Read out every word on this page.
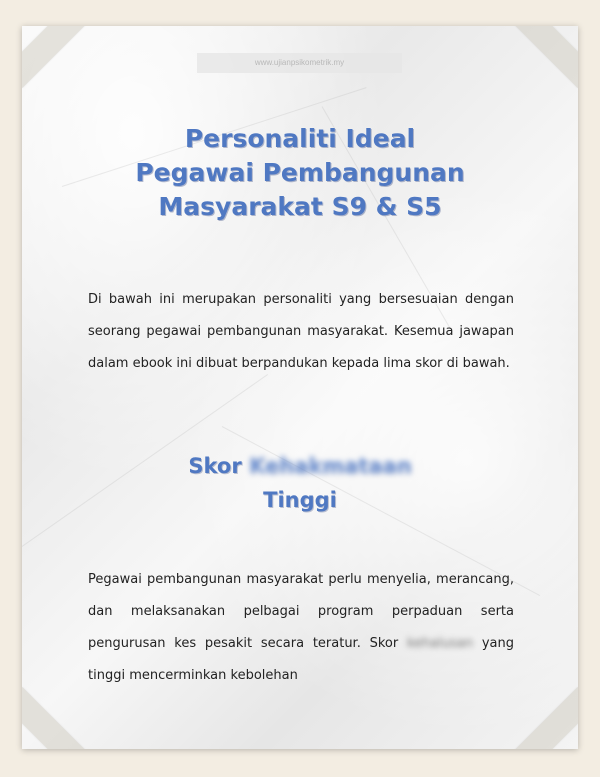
www.ujianpsikometrik.my
Personaliti Ideal
Pegawai Pembangunan
Masyarakat S9 & S5
Di bawah ini merupakan personaliti yang bersesuaian dengan seorang pegawai pembangunan masyarakat. Kesemua jawapan dalam ebook ini dibuat berpandukan kepada lima skor di bawah.
Skor Kehakmataan
Tinggi
Pegawai pembangunan masyarakat perlu menyelia, merancang, dan melaksanakan pelbagai program perpaduan serta pengurusan kes pesakit secara teratur. Skor kehalusan yang tinggi mencerminkan kebolehan
